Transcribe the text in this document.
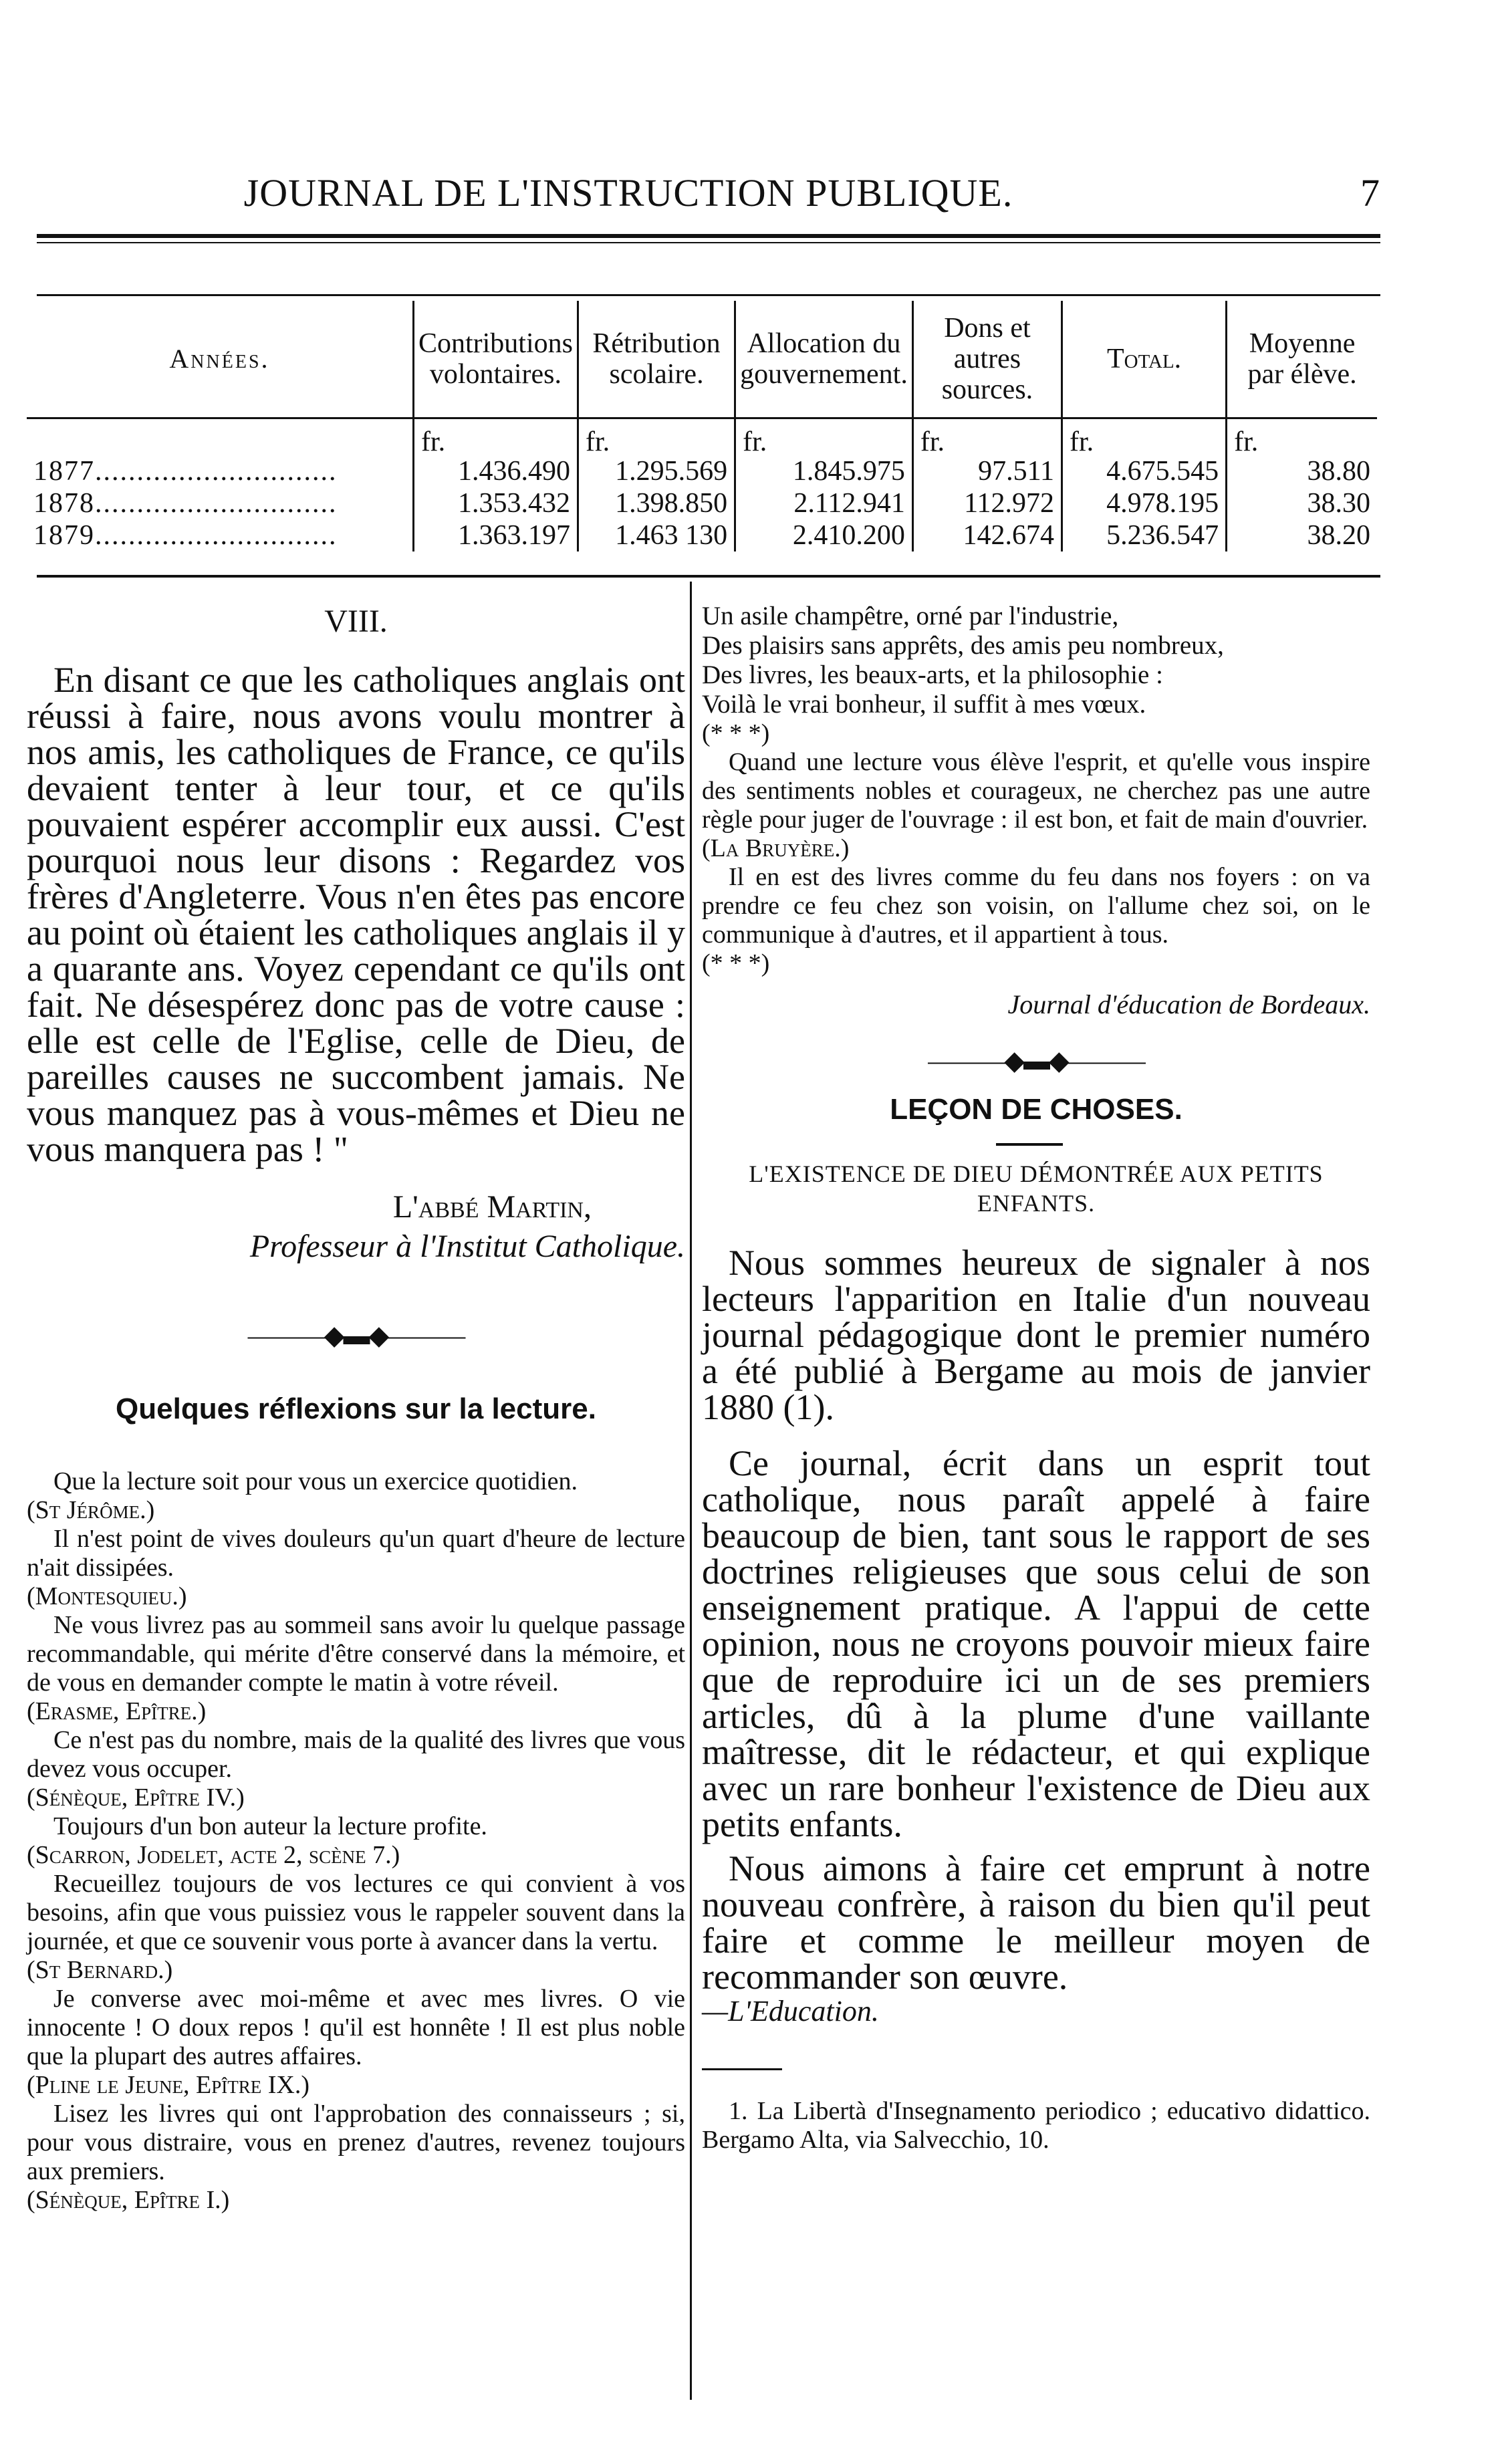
JOURNAL DE L'INSTRUCTION PUBLIQUE.	7
Années.	Contributions volontaires.	Rétribution scolaire.	Allocation du gouvernement.	Dons et autres sources.	Total.	Moyenne par élève.
	fr.	fr.	fr.	fr.	fr.	fr.
1877.............................	1.436.490	1.295.569	1.845.975	97.511	4.675.545	38.80
1878.............................	1.353.432	1.398.850	2.112.941	112.972	4.978.195	38.30
1879.............................	1.363.197	1.463 130	2.410.200	142.674	5.236.547	38.20

VIII.

En disant ce que les catholiques anglais ont réussi à faire, nous avons voulu montrer à nos amis, les catholiques de France, ce qu'ils devaient tenter à leur tour, et ce qu'ils pouvaient espérer accomplir eux aussi. C'est pourquoi nous leur disons : Regardez vos frères d'Angleterre. Vous n'en êtes pas encore au point où étaient les catholiques anglais il y a quarante ans. Voyez cependant ce qu'ils ont fait. Ne désespérez donc pas de votre cause : elle est celle de l'Eglise, celle de Dieu, de pareilles causes ne succombent jamais. Ne vous manquez pas à vous-mêmes et Dieu ne vous manquera pas ! "

L'abbé Martin,

Professeur à l'Institut Catholique.

———◆▬◆———

Quelques réflexions sur la lecture.

Que la lecture soit pour vous un exercice quotidien.

(St Jérôme.)

Il n'est point de vives douleurs qu'un quart d'heure de lecture n'ait dissipées.

(Montesquieu.)

Ne vous livrez pas au sommeil sans avoir lu quelque passage recommandable, qui mérite d'être conservé dans la mémoire, et de vous en demander compte le matin à votre réveil.

(Erasme, Epître.)

Ce n'est pas du nombre, mais de la qualité des livres que vous devez vous occuper.

(Sénèque, Epître IV.)

Toujours d'un bon auteur la lecture profite.

(Scarron, Jodelet, acte 2, scène 7.)

Recueillez toujours de vos lectures ce qui convient à vos besoins, afin que vous puissiez vous le rappeler souvent dans la journée, et que ce souvenir vous porte à avancer dans la vertu.

(St Bernard.)

Je converse avec moi-même et avec mes livres. O vie innocente ! O doux repos ! qu'il est honnête ! Il est plus noble que la plupart des autres affaires.

(Pline le Jeune, Epître IX.)

Lisez les livres qui ont l'approbation des connaisseurs ; si, pour vous distraire, vous en prenez d'autres, revenez toujours aux premiers.

(Sénèque, Epître I.)

Un asile champêtre, orné par l'industrie,

Des plaisirs sans apprêts, des amis peu nombreux,

Des livres, les beaux-arts, et la philosophie :

Voilà le vrai bonheur, il suffit à mes vœux.

(* * *)

Quand une lecture vous élève l'esprit, et qu'elle vous inspire des sentiments nobles et courageux, ne cherchez pas une autre règle pour juger de l'ouvrage : il est bon, et fait de main d'ouvrier.

(La Bruyère.)

Il en est des livres comme du feu dans nos foyers : on va prendre ce feu chez son voisin, on l'allume chez soi, on le communique à d'autres, et il appartient à tous.

(* * *)

Journal d'éducation de Bordeaux.

———◆▬◆———

LEÇON DE CHOSES.

L'EXISTENCE DE DIEU DÉMONTRÉE AUX PETITS ENFANTS.

Nous sommes heureux de signaler à nos lecteurs l'apparition en Italie d'un nouveau journal pédagogique dont le premier numéro a été publié à Bergame au mois de janvier 1880 (1).

Ce journal, écrit dans un esprit tout catholique, nous paraît appelé à faire beaucoup de bien, tant sous le rapport de ses doctrines religieuses que sous celui de son enseignement pratique. A l'appui de cette opinion, nous ne croyons pouvoir mieux faire que de reproduire ici un de ses premiers articles, dû à la plume d'une vaillante maîtresse, dit le rédacteur, et qui explique avec un rare bonheur l'existence de Dieu aux petits enfants.

Nous aimons à faire cet emprunt à notre nouveau confrère, à raison du bien qu'il peut faire et comme le meilleur moyen de recommander son œuvre.

—L'Education.

1. La Libertà d'Insegnamento periodico ; educativo didattico. Bergamo Alta, via Salvecchio, 10.
